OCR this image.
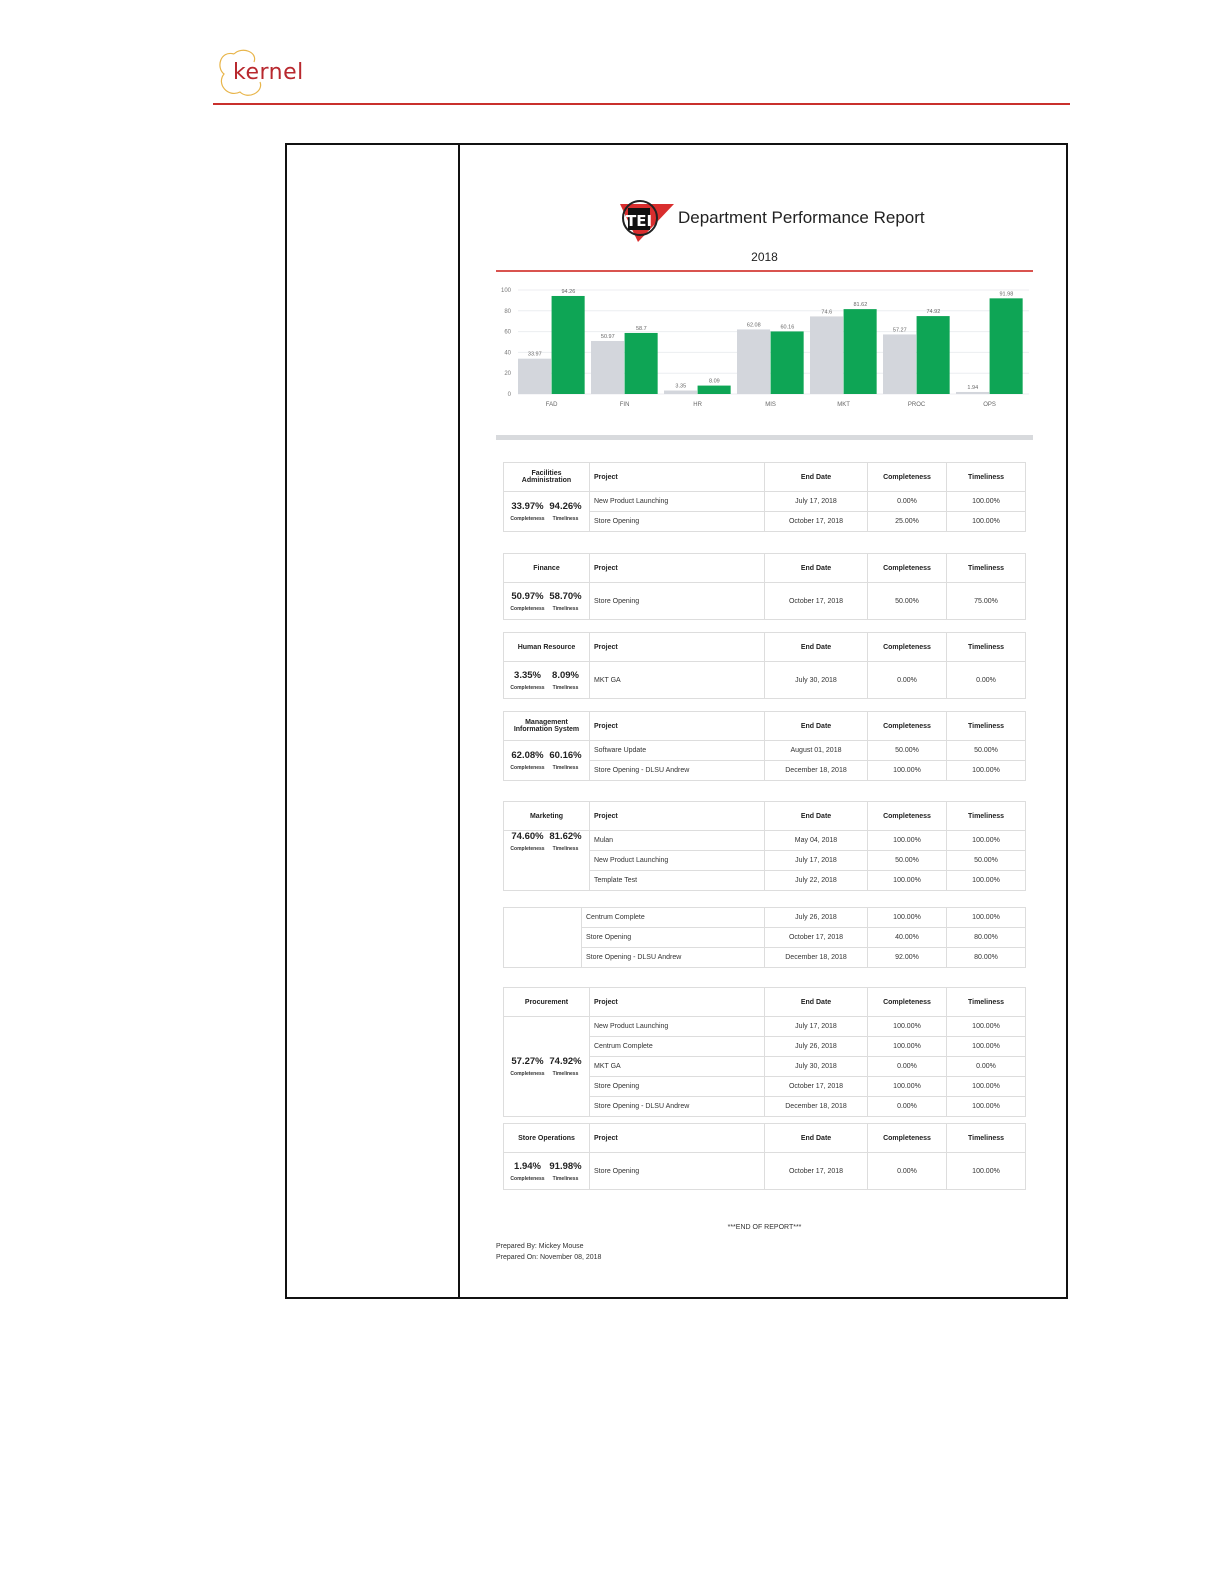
kernel
TEI Department Performance Report
2018
0
20
40
60
80
100
33.97
94.26
FAD
50.97
58.7
FIN
3.35
8.09
HR
62.08	60.16
MIS
74.6
81.62
MKT
57.27
74.92
PROC
1.94
91.98
OPS
Facilities Administration	Project	End Date	Completeness	Timeliness

33.97%
Completeness
94.26%
Timeliness	New Product Launching	July 17, 2018	0.00%	100.00%
	Store Opening	October 17, 2018	25.00%	100.00%
Finance	Project	End Date	Completeness	Timeliness

50.97%
Completeness
58.70%
Timeliness	Store Opening	October 17, 2018	50.00%	75.00%
Human Resource	Project	End Date	Completeness	Timeliness

3.35%
Completeness
8.09%
Timeliness	MKT GA	July 30, 2018	0.00%	0.00%
Management Information System	Project	End Date	Completeness	Timeliness

62.08%
Completeness
60.16%
Timeliness	Software Update	August 01, 2018	50.00%	50.00%
	Store Opening - DLSU Andrew	December 18, 2018	100.00%	100.00%
Marketing	Project	End Date	Completeness	Timeliness

74.60%
Completeness
81.62%
Timeliness	Mulan	May 04, 2018	100.00%	100.00%
	New Product Launching	July 17, 2018	50.00%	50.00%
	Template Test	July 22, 2018	100.00%	100.00%
	Centrum Complete	July 26, 2018	100.00%	100.00%
	Store Opening	October 17, 2018	40.00%	80.00%
	Store Opening - DLSU Andrew	December 18, 2018	92.00%	80.00%
Procurement	Project	End Date	Completeness	Timeliness

57.27%
Completeness
74.92%
Timeliness	New Product Launching	July 17, 2018	100.00%	100.00%
	Centrum Complete	July 26, 2018	100.00%	100.00%
	MKT GA	July 30, 2018	0.00%	0.00%
	Store Opening	October 17, 2018	100.00%	100.00%
	Store Opening - DLSU Andrew	December 18, 2018	0.00%	100.00%
Store Operations	Project	End Date	Completeness	Timeliness

1.94%
Completeness
91.98%
Timeliness	Store Opening	October 17, 2018	0.00%	100.00%
***END OF REPORT***
Prepared By: Mickey Mouse
Prepared On: November 08, 2018
